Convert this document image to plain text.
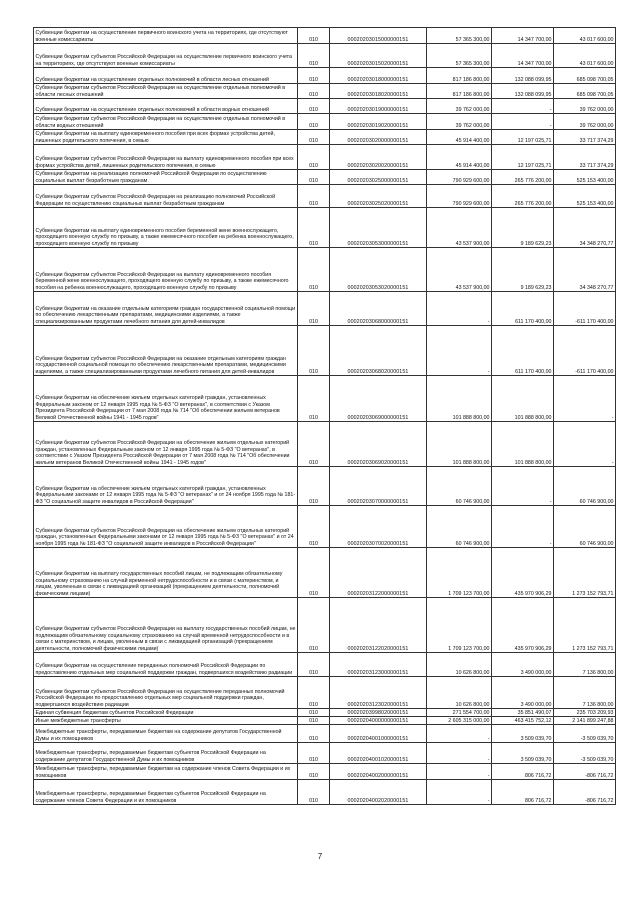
Субвенции бюджетам на осуществление первичного воинского учета на территориях, где отсутствуют военные комиссариаты	010	00020203015000000151	57 365 300,00	14 347 700,00	43 017 600,00
Субвенции бюджетам субъектов Российской Федерации на осуществление первичного воинского учета на территориях, где отсутствуют военные комиссариаты	010	00020203015020000151	57 365 300,00	14 347 700,00	43 017 600,00
Субвенции бюджетам на осуществление отдельных полномочий в области лесных отношений	010	00020203018000000151	817 186 800,00	132 088 099,95	685 098 700,05
Субвенции бюджетам субъектов Российской Федерации на осуществление отдельных полномочий в области лесных отношений	010	00020203018020000151	817 186 800,00	132 088 099,95	685 098 700,05
Субвенции бюджетам на осуществление отдельных полномочий в области водных отношений	010	00020203019000000151	39 762 000,00	-	39 762 000,00
Субвенции бюджетам субъектов Российской Федерации на осуществление отдельных полномочий в области водных отношений	010	00020203019020000151	39 762 000,00	-	39 762 000,00
Субвенции бюджетам на выплату единовременного пособия при всех формах устройства детей, лишенных родительского попечения, в семью	010	00020203020000000151	45 914 400,00	12 197 025,71	33 717 374,29
Субвенции бюджетам субъектов Российской Федерации на выплату единовременного пособия при всех формах устройства детей, лишенных родительского попечения, в семью	010	00020203020020000151	45 914 400,00	12 197 025,71	33 717 374,29
Субвенции бюджетам на реализацию полномочий Российской Федерации по осуществлению социальных выплат безработным гражданам	010	00020203025000000151	790 929 600,00	265 776 200,00	525 153 400,00
Субвенции бюджетам субъектов Российской Федерации на реализацию полномочий Российской Федерации по осуществлению социальных выплат безработным гражданам	010	00020203025020000151	790 929 600,00	265 776 200,00	525 153 400,00
Субвенции бюджетам на выплату единовременного пособия беременной жене военнослужащего, проходящего военную службу по призыву, а также ежемесячного пособия на ребенка военнослужащего, проходящего военную службу по призыву	010	00020203053000000151	43 537 900,00	9 189 629,23	34 348 270,77
Субвенции бюджетам субъектов Российской Федерации на выплату единовременного пособия беременной жене военнослужащего, проходящего военную службу по призыву, а также ежемесячного пособия на ребенка военнослужащего, проходящего военную службу по призыву	010	00020203053020000151	43 537 900,00	9 189 629,23	34 348 270,77
Субвенции бюджетам на оказание отдельным категориям граждан государственной социальной помощи по обеспечению лекарственными препаратами, медицинскими изделиями, а также специализированными продуктами лечебного питания для детей-инвалидов	010	00020203068000000151	-	611 170 400,00	-611 170 400,00
Субвенции бюджетам субъектов Российской Федерации на оказание отдельным категориям граждан государственной социальной помощи по обеспечению лекарственными препаратами, медицинскими изделиями, а также специализированными продуктами лечебного питания для детей-инвалидов	010	00020203068020000151	-	611 170 400,00	-611 170 400,00
Субвенции бюджетам на обеспечение жильем отдельных категорий граждан, установленных Федеральным законом от 12 января 1995 года № 5-ФЗ "О ветеранах", в соответствии с Указом Президента Российской Федерации от 7 мая 2008 года № 714 "Об обеспечении жильем ветеранов Великой Отечественной войны 1941 - 1945 годов"	010	00020203069000000151	101 888 800,00	101 888 800,00	-
Субвенции бюджетам субъектов Российской Федерации на обеспечение жильем отдельных категорий граждан, установленных Федеральным законом от 12 января 1995 года № 5-ФЗ "О ветеранах", в соответствии с Указом Президента Российской Федерации от 7 мая 2008 года № 714 "Об обеспечении жильем ветеранов Великой Отечественной войны 1941 - 1945 годов"	010	00020203069020000151	101 888 800,00	101 888 800,00	-
Субвенции бюджетам на обеспечение жильем отдельных категорий граждан, установленных Федеральными законами от 12 января 1995 года № 5-ФЗ "О ветеранах" и от 24 ноября 1995 года № 181-ФЗ "О социальной защите инвалидов в Российской Федерации"	010	00020203070000000151	60 746 900,00	-	60 746 900,00
Субвенции бюджетам субъектов Российской Федерации на обеспечение жильем отдельных категорий граждан, установленных Федеральными законами от 12 января 1995 года № 5-ФЗ "О ветеранах" и от 24 ноября 1995 года № 181-ФЗ "О социальной защите инвалидов в Российской Федерации"	010	00020203070020000151	60 746 900,00	-	60 746 900,00
Субвенции бюджетам на выплату государственных пособий лицам, не подлежащим обязательному социальному страхованию на случай временной нетрудоспособности и в связи с материнством, и лицам, уволенным в связи с ликвидацией организаций (прекращением деятельности, полномочий физическими лицами)	010	00020203122000000151	1 709 123 700,00	435 970 906,29	1 273 152 793,71
Субвенции бюджетам субъектов Российской Федерации на выплату государственных пособий лицам, не подлежащим обязательному социальному страхованию на случай временной нетрудоспособности и в связи с материнством, и лицам, уволенным в связи с ликвидацией организаций (прекращением деятельности, полномочий физическими лицами)	010	00020203122020000151	1 709 123 700,00	435 970 906,29	1 273 152 793,71
Субвенции бюджетам на осуществление переданных полномочий Российской Федерации по предоставлению отдельных мер социальной поддержки граждан, подвергшихся воздействию радиации	010	00020203123000000151	10 626 800,00	3 490 000,00	7 136 800,00
Субвенции бюджетам субъектов Российской Федерации на осуществление переданных полномочий Российской Федерации по предоставлению отдельных мер социальной поддержки граждан, подвергшихся воздействию радиации	010	00020203123020000151	10 626 800,00	3 490 000,00	7 136 800,00
Единая субвенция бюджетам субъектов Российской Федерации	010	00020203998020000151	271 554 700,00	35 851 490,07	235 703 209,93
Иные межбюджетные трансферты	010	00020204000000000151	2 605 315 000,00	463 415 752,12	2 141 899 247,88
Межбюджетные трансферты, передаваемые бюджетам на содержание депутатов Государственной Думы и их помощников	010	00020204001000000151	-	3 509 039,70	-3 509 039,70
Межбюджетные трансферты, передаваемые бюджетам субъектов Российской Федерации на содержание депутатов Государственной Думы и их помощников	010	00020204001020000151	-	3 509 039,70	-3 509 039,70
Межбюджетные трансферты, передаваемые бюджетам на содержание членов Совета Федерации и их помощников	010	00020204002000000151	-	806 716,72	-806 716,72
Межбюджетные трансферты, передаваемые бюджетам субъектов Российской Федерации на содержание членов Совета Федерации и их помощников	010	00020204002020000151	-	806 716,72	-806 716,72
7
